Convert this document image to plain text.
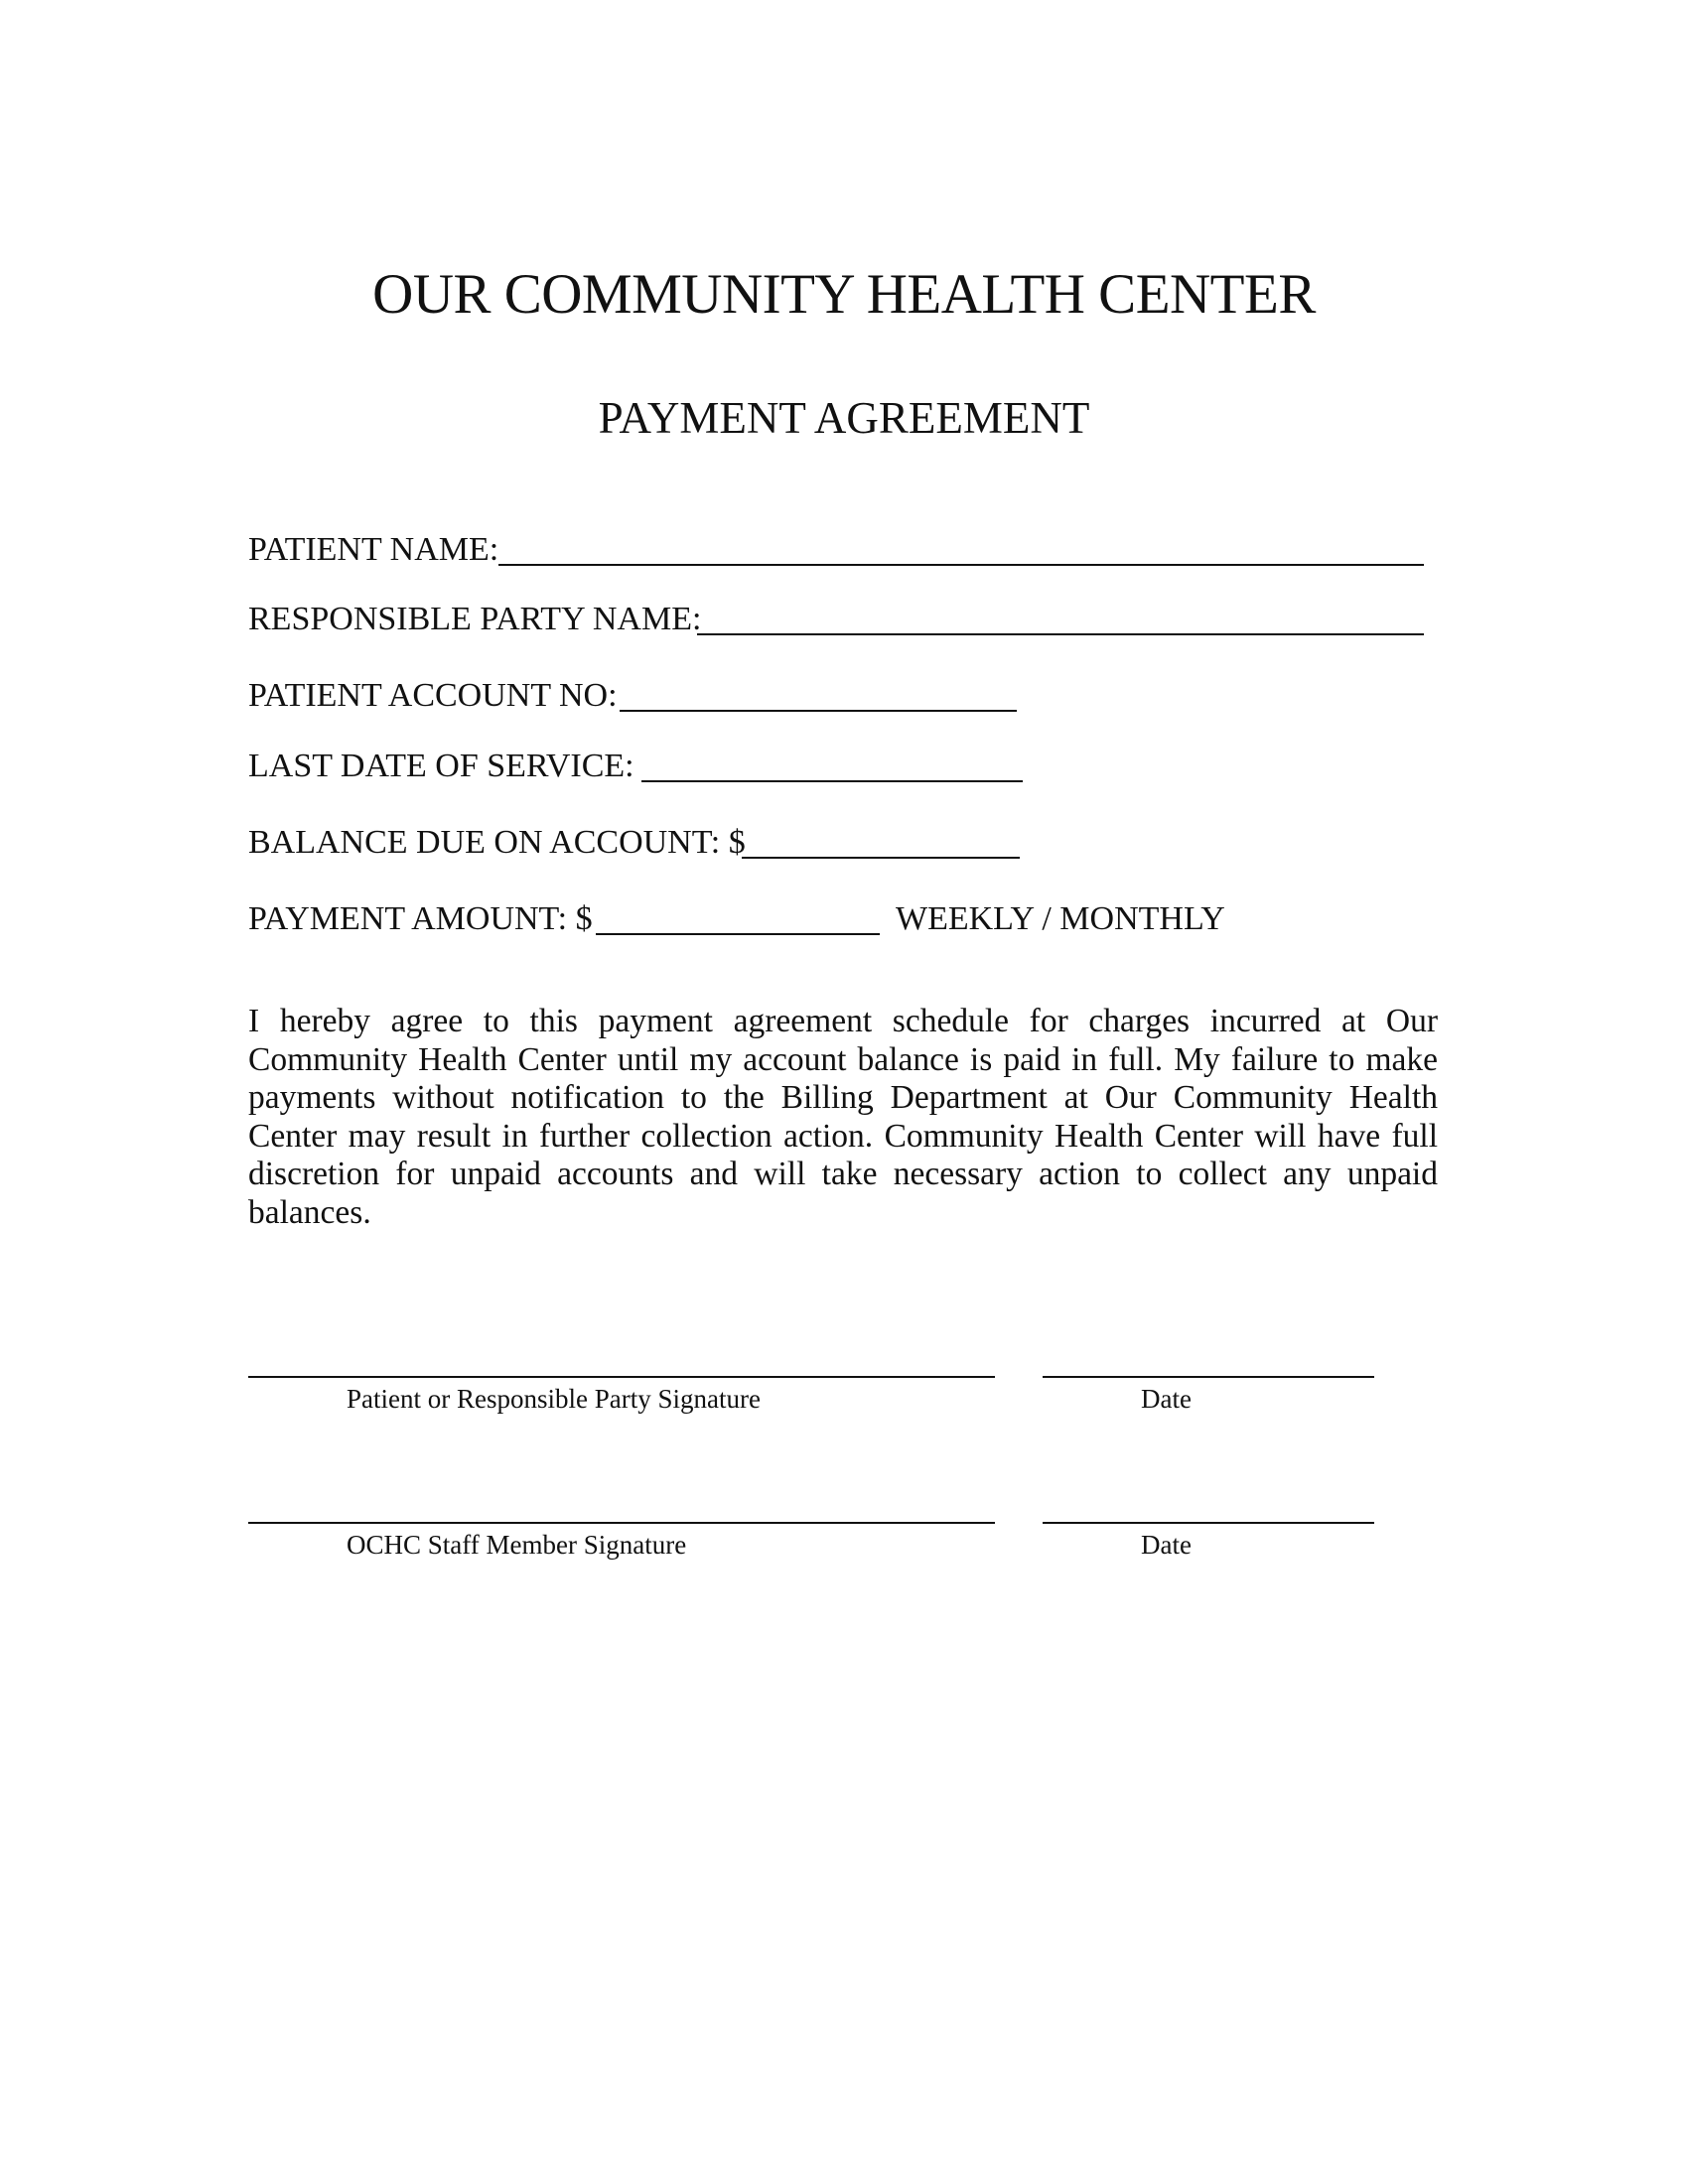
OUR COMMUNITY HEALTH CENTER
PAYMENT AGREEMENT
PATIENT NAME:
RESPONSIBLE PARTY NAME:
PATIENT ACCOUNT NO:
LAST DATE OF SERVICE:
BALANCE DUE ON ACCOUNT: $
PAYMENT AMOUNT: $	WEEKLY / MONTHLY
I hereby agree to this payment agreement schedule for charges incurred at Our Community Health Center until my account balance is paid in full. My failure to make payments without notification to the Billing Department at Our Community Health Center may result in further collection action. Community Health Center will have full discretion for unpaid accounts and will take necessary action to collect any unpaid balances.
Patient or Responsible Party Signature	Date
OCHC Staff Member Signature	Date
